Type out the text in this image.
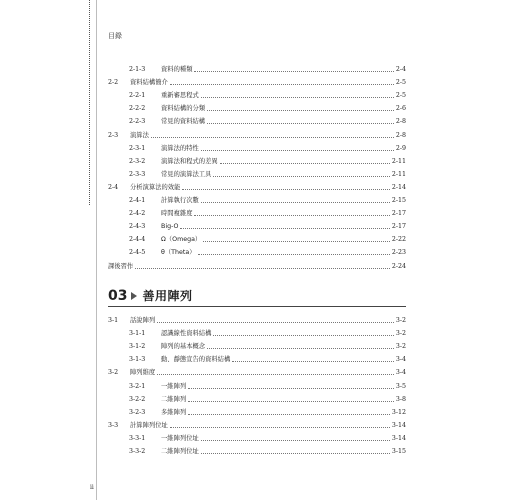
目錄
2-1-3	資料的種類	2-4
2-2	資料結構簡介	2-5
2-2-1	重新審思程式	2-5
2-2-2	資料結構的分類	2-6
2-2-3	常見的資料結構	2-8
2-3	演算法	2-8
2-3-1	演算法的特性	2-9
2-3-2	演算法和程式的差異	2-11
2-3-3	常見的演算法工具	2-11
2-4	分析演算法的效能	2-14
2-4-1	計算執行次數	2-15
2-4-2	時間複雜度	2-17
2-4-3	Big-O	2-17
2-4-4	Ω（Omega）	2-22
2-4-5	θ（Theta）	2-23
課後習作	2-24
03 善用陣列
3-1	話說陣列	3-2
3-1-1	認識線性資料結構	3-2
3-1-2	陣列的基本概念	3-2
3-1-3	動、靜態宣告的資料結構	3-4
3-2	陣列維度	3-4
3-2-1	一維陣列	3-5
3-2-2	二維陣列	3-8
3-2-3	多維陣列	3-12
3-3	計算陣列位址	3-14
3-3-1	一維陣列位址	3-14
3-3-2	二維陣列位址	3-15
ii
